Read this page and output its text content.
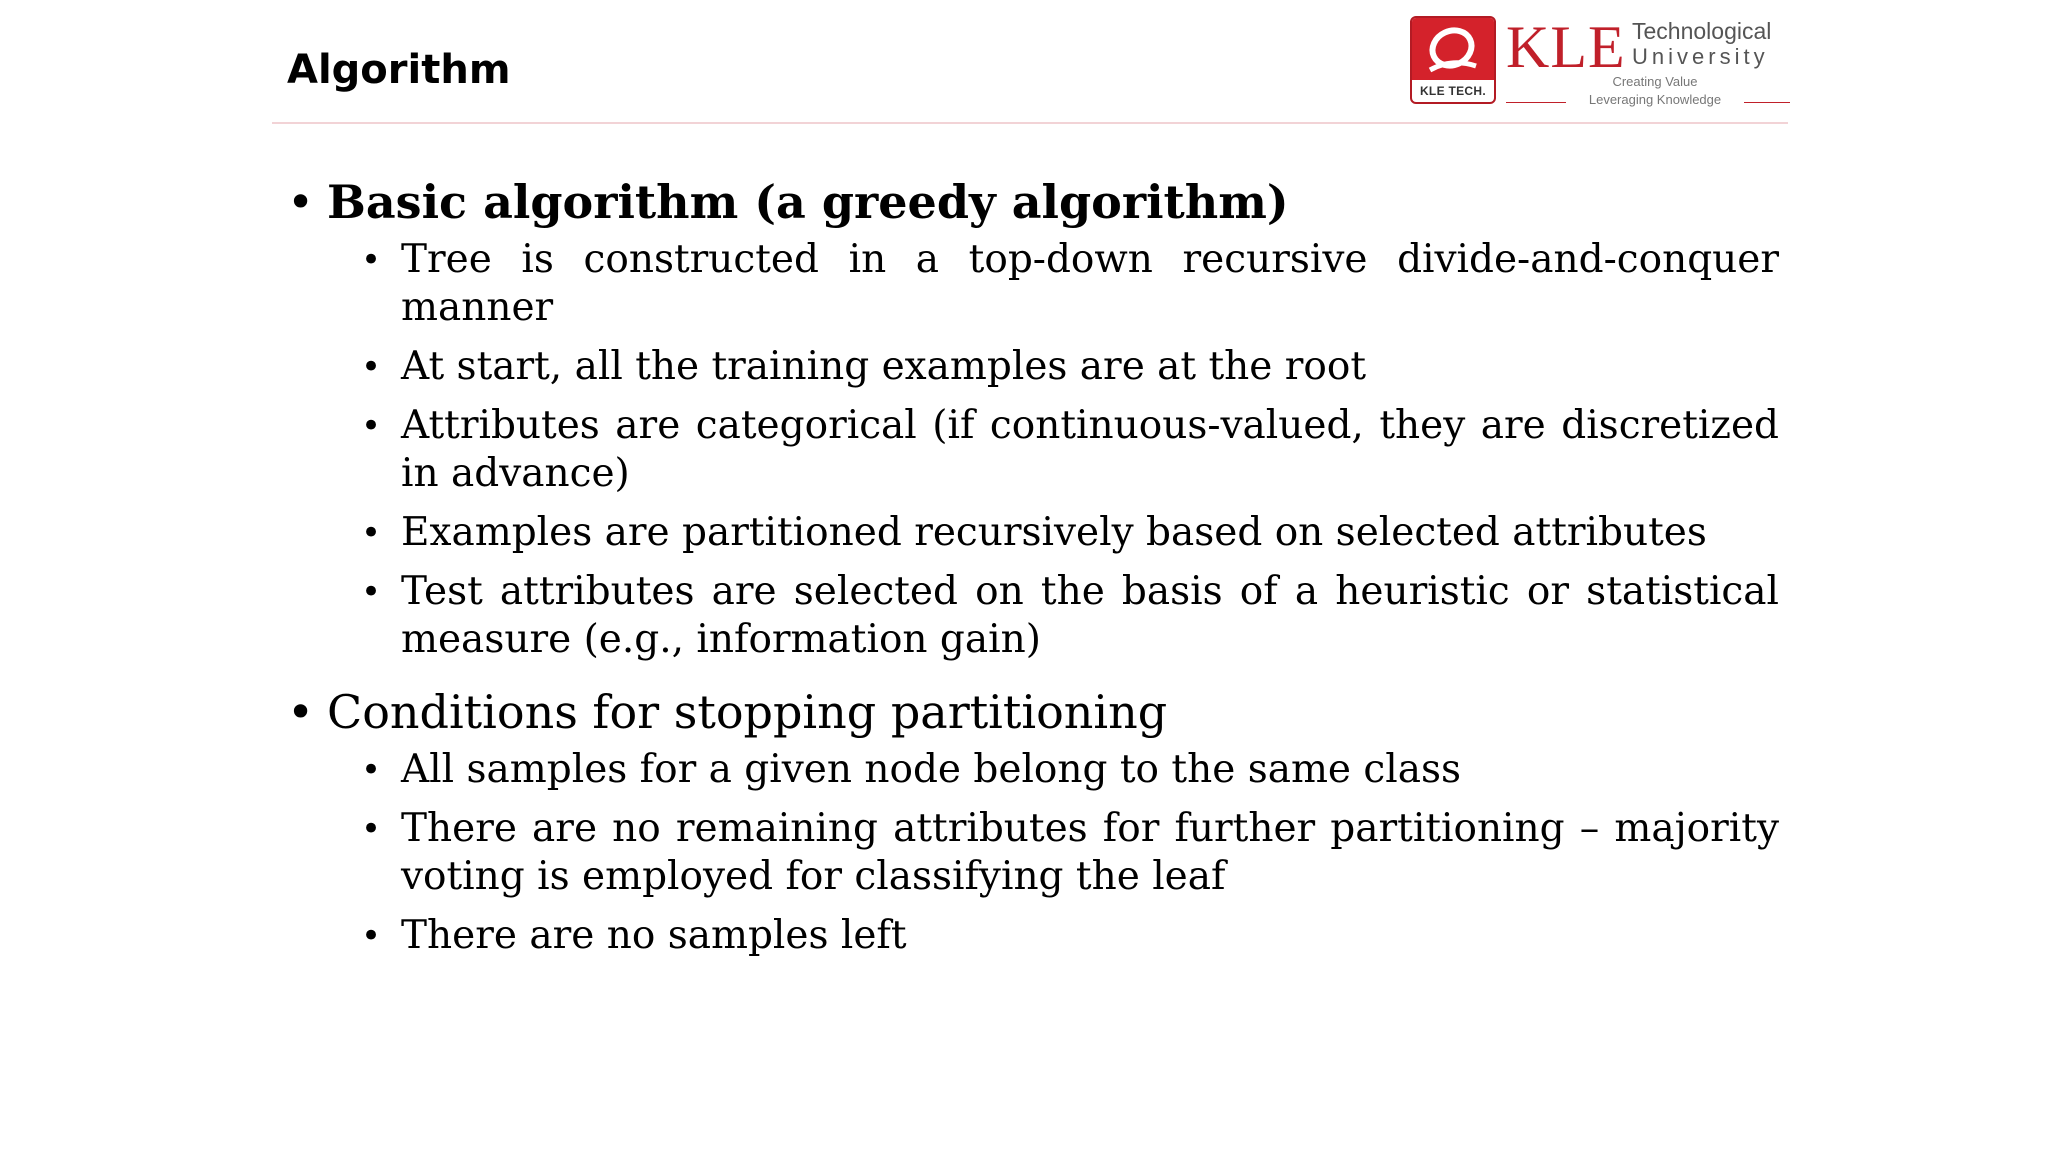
Algorithm	KLE TECH.
KLE Technological
University
Creating Value
Leveraging Knowledge
• Basic algorithm (a greedy algorithm)
• Tree is constructed in a top-down recursive divide-and-conquer manner
• At start, all the training examples are at the root
• Attributes are categorical (if continuous-valued, they are discretized in advance)
• Examples are partitioned recursively based on selected attributes
• Test attributes are selected on the basis of a heuristic or statistical measure (e.g., information gain)
• Conditions for stopping partitioning
• All samples for a given node belong to the same class
• There are no remaining attributes for further partitioning – majority voting is employed for classifying the leaf
• There are no samples left
